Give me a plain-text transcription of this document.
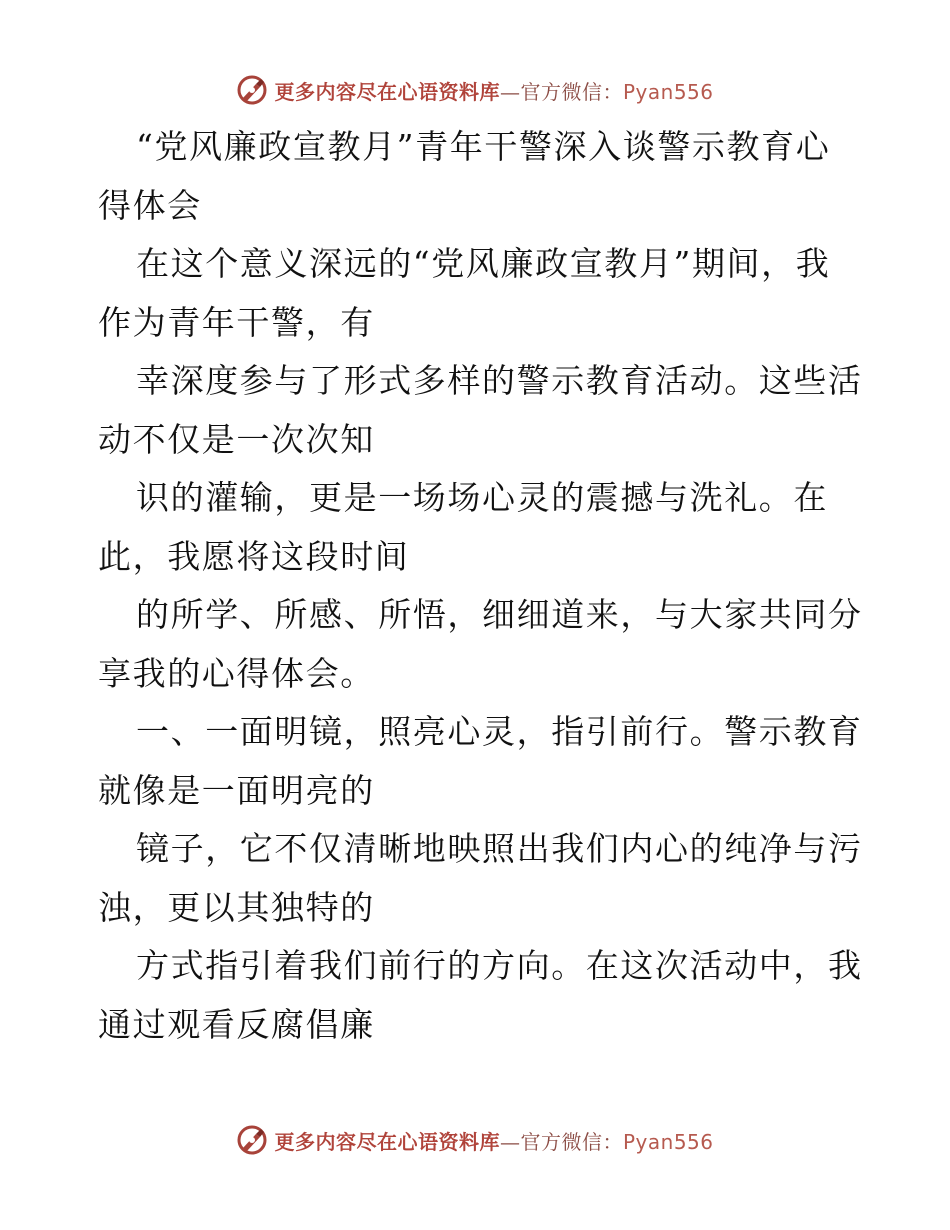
更多内容尽在心语资料库—官方微信：Pyan556
“党风廉政宣教月”青年干警深入谈警示教育心
得体会
在这个意义深远的“党风廉政宣教月”期间，我
作为青年干警，有
幸深度参与了形式多样的警示教育活动。这些活
动不仅是一次次知
识的灌输，更是一场场心灵的震撼与洗礼。在
此，我愿将这段时间
的所学、所感、所悟，细细道来，与大家共同分
享我的心得体会。
一、一面明镜，照亮心灵，指引前行。警示教育
就像是一面明亮的
镜子，它不仅清晰地映照出我们内心的纯净与污
浊，更以其独特的
方式指引着我们前行的方向。在这次活动中，我
通过观看反腐倡廉
更多内容尽在心语资料库—官方微信：Pyan556
